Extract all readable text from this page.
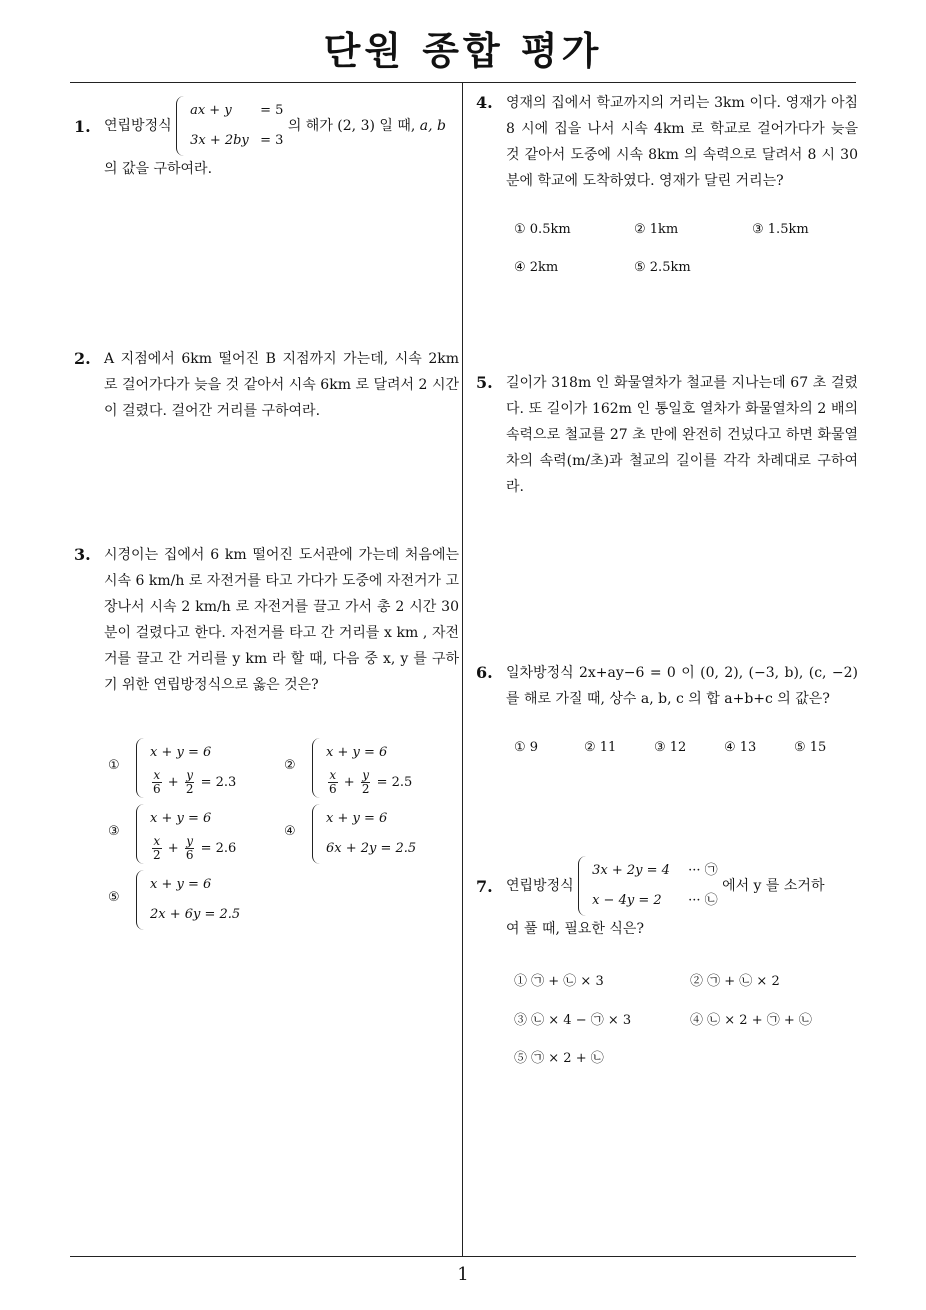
단원 종합 평가
1
1. 연립방정식
ax + y = 5
3x + 2by = 3
의 해가 (2, 3) 일 때, a, b
의 값을 구하여라.
2. A 지점에서 6km 떨어진 B 지점까지 가는데, 시속 2km 로 걸어가다가 늦을 것 같아서 시속 6km 로 달려서 2 시간이 걸렸다. 걸어간 거리를 구하여라.
3. 시경이는 집에서 6 km 떨어진 도서관에 가는데 처음에는 시속 6 km/h 로 자전거를 타고 가다가 도중에 자전거가 고장나서 시속 2 km/h 로 자전거를 끌고 가서 총 2 시간 30 분이 걸렸다고 한다. 자전거를 타고 간 거리를 x km , 자전거를 끌고 간 거리를 y km 라 할 때, 다음 중 x, y 를 구하기 위한 연립방정식으로 옳은 것은?
①
x + y = 6
$\frac{x}{6} + \frac{y}{2} = 2.3$
②
x + y = 6
$\frac{x}{6} + \frac{y}{2} = 2.5$
③
x + y = 6
$\frac{x}{2} + \frac{y}{6} = 2.6$
④
x + y = 6
6x + 2y = 2.5
⑤
x + y = 6
2x + 6y = 2.5
4. 영재의 집에서 학교까지의 거리는 3km 이다. 영재가 아침 8 시에 집을 나서 시속 4km 로 학교로 걸어가다가 늦을 것 같아서 도중에 시속 8km 의 속력으로 달려서 8 시 30 분에 학교에 도착하였다. 영재가 달린 거리는?
① 0.5km	② 1km	③ 1.5km
④ 2km	⑤ 2.5km
5. 길이가 318m 인 화물열차가 철교를 지나는데 67 초 걸렸다. 또 길이가 162m 인 통일호 열차가 화물열차의 2 배의 속력으로 철교를 27 초 만에 완전히 건넜다고 하면 화물열차의 속력(m/초)과 철교의 길이를 각각 차례대로 구하여라.
6. 일차방정식 2x+ay−6 = 0 이 (0, 2), (−3, b), (c, −2) 를 해로 가질 때, 상수 a, b, c 의 합 a+b+c 의 값은?
① 9	② 11	③ 12	④ 13	⑤ 15
7. 연립방정식
3x + 2y = 4 ··· ㉠
x − 4y = 2 ··· ㉡
에서 y 를 소거하
여 풀 때, 필요한 식은?
① ㉠ + ㉡ × 3	② ㉠ + ㉡ × 2
③ ㉡ × 4 − ㉠ × 3	④ ㉡ × 2 + ㉠ + ㉡
⑤ ㉠ × 2 + ㉡
